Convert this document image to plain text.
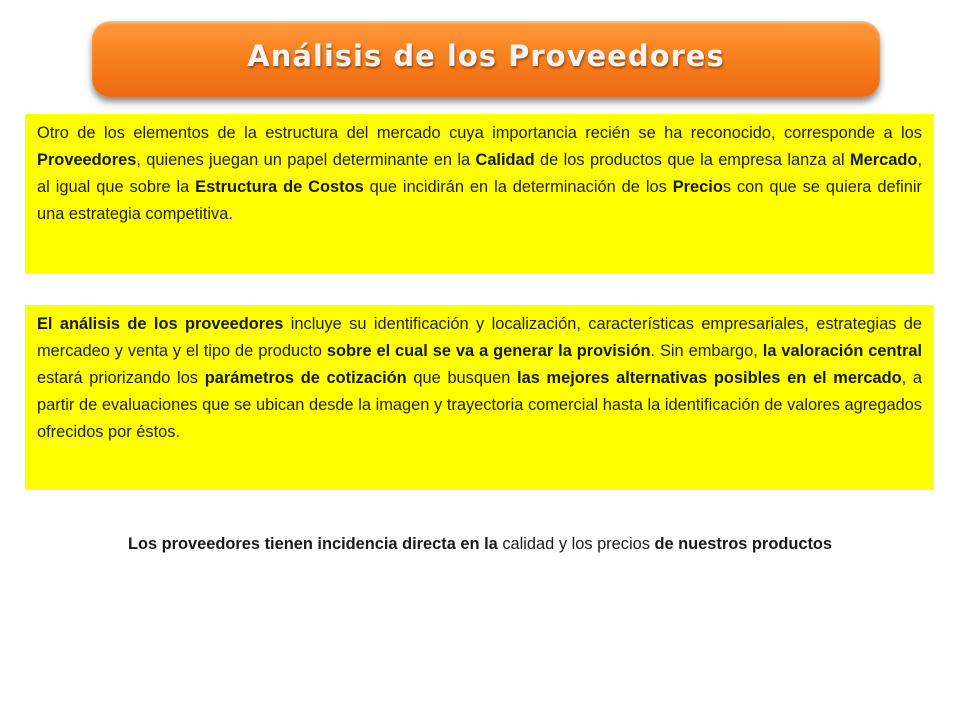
Análisis de los Proveedores

Otro de los elementos de la estructura del mercado cuya importancia recién se ha reconocido, corresponde a los Proveedores, quienes juegan un papel determinante en la Calidad de los productos que la empresa lanza al Mercado, al igual que sobre la Estructura de Costos que incidirán en la determinación de los Precios con que se quiera definir una estrategia competitiva.

El análisis de los proveedores incluye su identificación y localización, características empresariales, estrategias de mercadeo y venta y el tipo de producto sobre el cual se va a generar la provisión. Sin embargo, la valoración central estará priorizando los parámetros de cotización que busquen las mejores alternativas posibles en el mercado, a partir de evaluaciones que se ubican desde la imagen y trayectoria comercial hasta la identificación de valores agregados ofrecidos por éstos.

Los proveedores tienen incidencia directa en la calidad y los precios de nuestros productos
